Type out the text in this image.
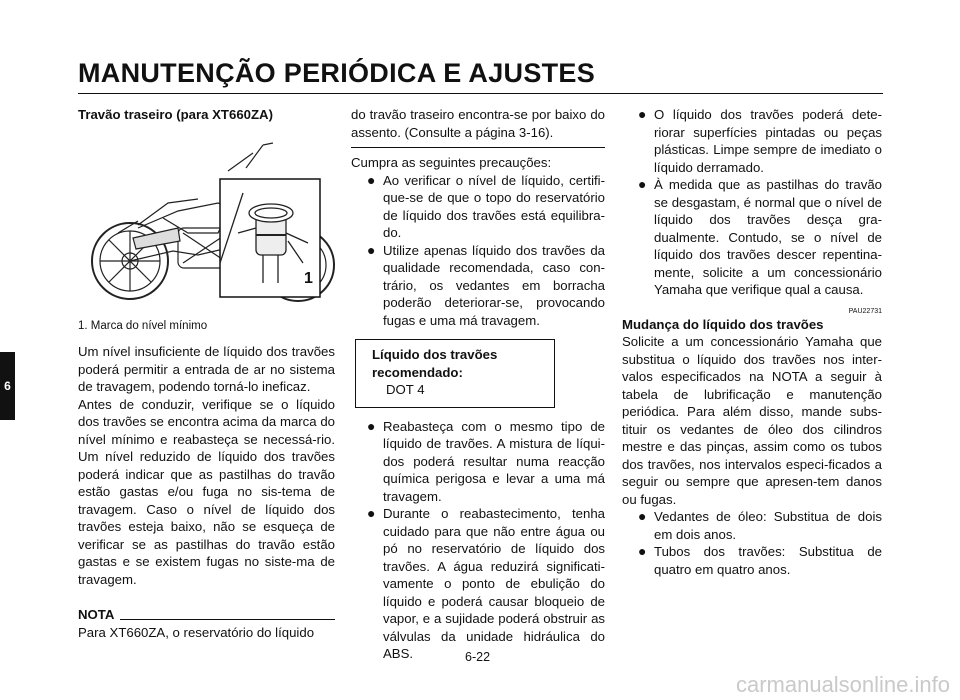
MANUTENÇÃO PERIÓDICA E AJUSTES
6
Travão traseiro (para XT660ZA)
1
1. Marca do nível mínimo

Um nível insuficiente de líquido dos travões poderá permitir a entrada de ar no sistema de travagem, podendo torná-lo ineficaz.

Antes de conduzir, verifique se o líquido dos travões se encontra acima da marca do nível mínimo e reabasteça se necessá-rio. Um nível reduzido de líquido dos travões poderá indicar que as pastilhas do travão estão gastas e/ou fuga no sis-tema de travagem. Caso o nível de líquido dos travões esteja baixo, não se esqueça de verificar se as pastilhas do travão estão gastas e se existem fugas no siste-ma de travagem.

NOTA

Para XT660ZA, o reservatório do líquido

do travão traseiro encontra-se por baixo do assento. (Consulte a página 3-16).

Cumpra as seguintes precauções:

● Ao verificar o nível de líquido, certifi-que-se de que o topo do reservatório de líquido dos travões está equilibra-do.
● Utilize apenas líquido dos travões da qualidade recomendada, caso con-trário, os vedantes em borracha poderão deteriorar-se, provocando fugas e uma má travagem.
Líquido dos travões recomendado:
DOT 4
● Reabasteça com o mesmo tipo de líquido de travões. A mistura de líqui-dos poderá resultar numa reacção química perigosa e levar a uma má travagem.
● Durante o reabastecimento, tenha cuidado para que não entre água ou pó no reservatório de líquido dos travões. A água reduzirá significati-vamente o ponto de ebulição do líquido e poderá causar bloqueio de vapor, e a sujidade poderá obstruir as válvulas da unidade hidráulica do ABS.
● O líquido dos travões poderá dete-riorar superfícies pintadas ou peças plásticas. Limpe sempre de imediato o líquido derramado.
● À medida que as pastilhas do travão se desgastam, é normal que o nível de líquido dos travões desça gra-dualmente. Contudo, se o nível de líquido dos travões descer repentina-mente, solicite a um concessionário Yamaha que verifique qual a causa.
PAU22731
Mudança do líquido dos travões

Solicite a um concessionário Yamaha que substitua o líquido dos travões nos inter-valos especificados na NOTA a seguir à tabela de lubrificação e manutenção periódica. Para além disso, mande subs-tituir os vedantes de óleo dos cilindros mestre e das pinças, assim como os tubos dos travões, nos intervalos especi-ficados a seguir ou sempre que apresen-tem danos ou fugas.

● Vedantes de óleo: Substitua de dois em dois anos.
● Tubos dos travões: Substitua de quatro em quatro anos.
6-22
carmanualsonline.info
